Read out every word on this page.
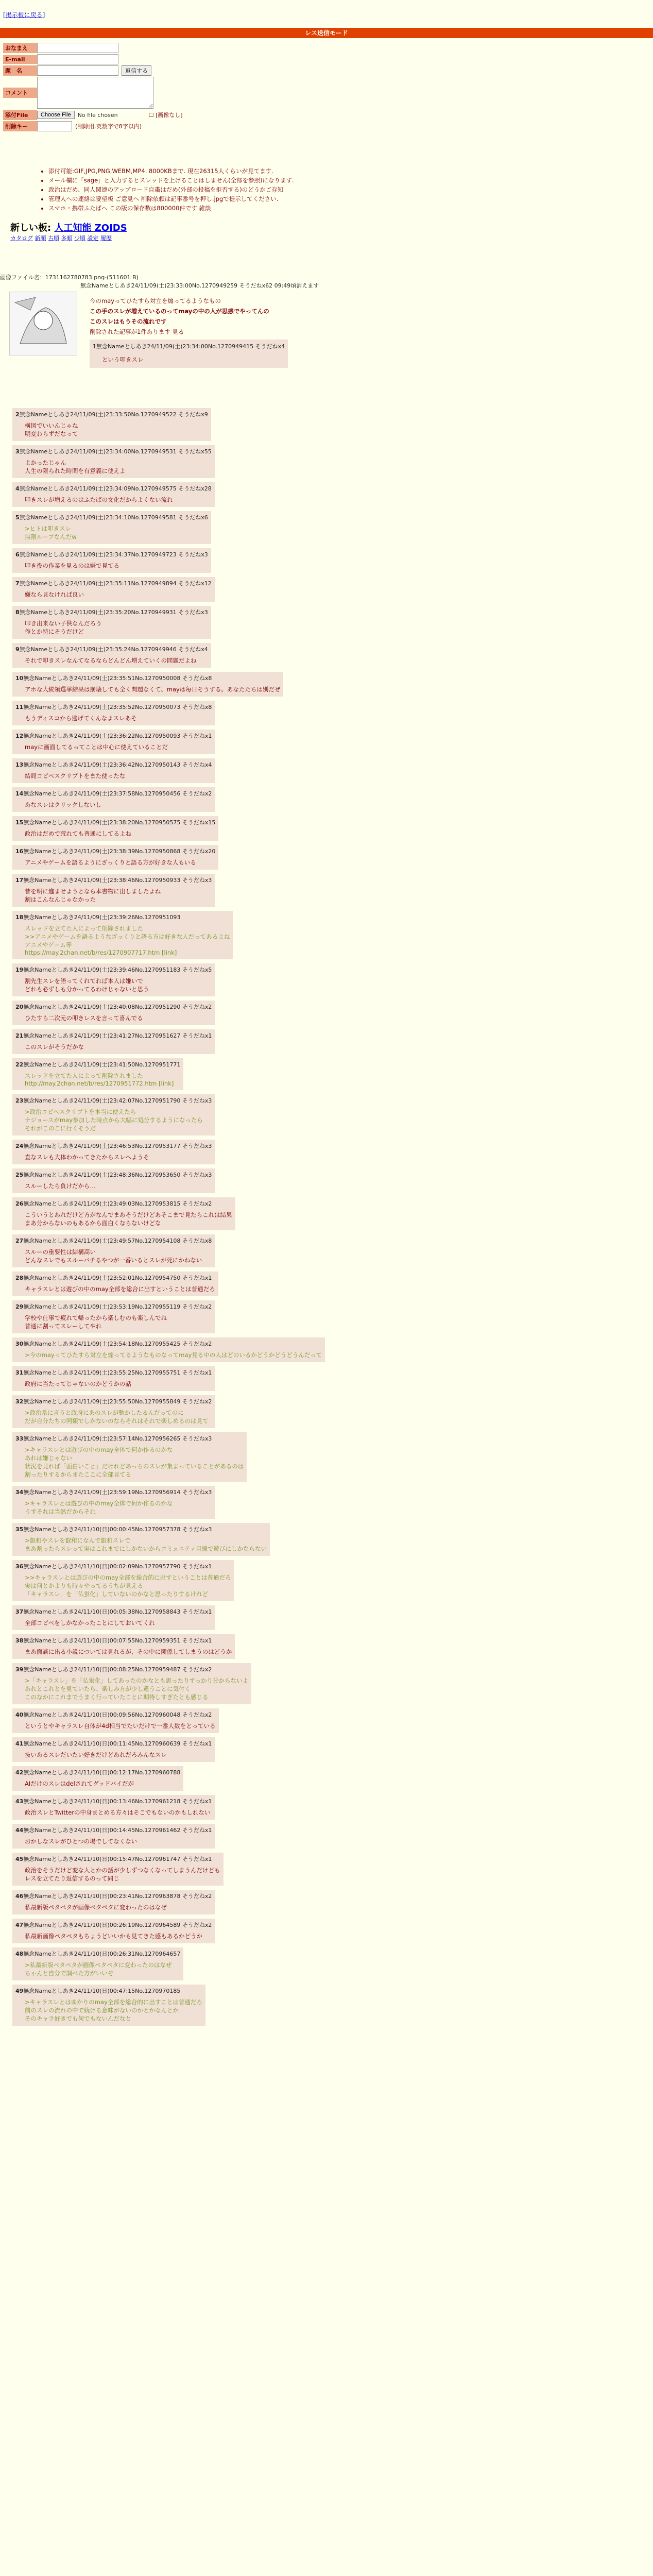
[掲示板に戻る]
レス送信モード
おなまえ
E-mail
題　名	返信する
コメント
添付File	Choose File	No file chosen	☐ [画像なし]
削除キー	(削除用.英数字で8字以内)
• 添付可能:GIF,JPG,PNG,WEBM,MP4. 8000KBまで. 現在26315人くらいが見てます.
• メール欄に「sage」と入力するとスレッドを上げることはしません(全部を参照)になります.
• 政治はだめ、同人関連のアップロード自粛はだめ(外部の投稿を拒否する)のどうかご存知
• 管理人への連絡は要望板 ご意見へ 削除依頼は記事番号を押し.jpgで提示してください.
• スマホ・携帯ふたばへ この版の保存数は800000件です 雑談
新しい板: 人工知能 ZOIDS
カタログ 新順 古順 多順 少順 設定 履歴
画像ファイル名：1731162780783.png-(511601 B)
無念Nameとしあき24/11/09(土)23:33:00No.1270949259 そうだねx62 09:49頃消えます
今のmayってひたすら対立を煽ってるようなもの
この手のスレが増えているのってmayの中の人が思惑でやってんの
このスレはもうその流れです
削除された記事が1件あります 見る
1無念Nameとしあき24/11/09(土)23:34:00No.1270949415 そうだねx4
という叩きスレ
2無念Nameとしあき24/11/09(土)23:33:50No.1270949522 そうだねx9
構図でいいんじゃね
明変わらずだなって
3無念Nameとしあき24/11/09(土)23:34:00No.1270949531 そうだねx55
よかったじゃん
人生の限られた時間を有意義に使えよ
4無念Nameとしあき24/11/09(土)23:34:09No.1270949575 そうだねx28
叩きスレが増えるのはふたばの文化だからよくない流れ
5無念Nameとしあき24/11/09(土)23:34:10No.1270949581 そうだねx6
>ヒトは叩きスレ
無限ループなんだw
6無念Nameとしあき24/11/09(土)23:34:37No.1270949723 そうだねx3
叩き役の作業を見るのは嫌で見てる
7無念Nameとしあき24/11/09(土)23:35:11No.1270949894 そうだねx12
嫌なら見なければ良い
8無念Nameとしあき24/11/09(土)23:35:20No.1270949931 そうだねx3
叩き出来ない子供なんだろう
俺とか特にそうだけど
9無念Nameとしあき24/11/09(土)23:35:24No.1270949946 そうだねx4
それで叩きスレなんてなるならどんどん増えていくの問題だよね
10無念Nameとしあき24/11/09(土)23:35:51No.1270950008 そうだねx8
アホな大統領選挙結果は崩壊しても全く問題なくて、mayは毎日そうする。あなたたちは別だぜ
11無念Nameとしあき24/11/09(土)23:35:52No.1270950073 そうだねx8
もうディスコから逃げてくんなよスレあそ
12無念Nameとしあき24/11/09(土)23:36:22No.1270950093 そうだねx1
mayに画面してるってことは中心に使えていることだ
13無念Nameとしあき24/11/09(土)23:36:42No.1270950143 そうだねx4
結局コピペスクリプトをまた使ったな
14無念Nameとしあき24/11/09(土)23:37:58No.1270950456 そうだねx2
あなスレはクリックしないし
15無念Nameとしあき24/11/09(土)23:38:20No.1270950575 そうだねx15
政治はだめで荒れても普通にしてるよね
16無念Nameとしあき24/11/09(土)23:38:39No.1270950868 そうだねx20
アニメやゲームを語るようにざっくりと語る方が好きな人もいる
17無念Nameとしあき24/11/09(土)23:38:46No.1270950933 そうだねx3
昔を明に進ませようとなら本書物に出しましたよね
割はこんなんじゃなかった
18無念Nameとしあき24/11/09(土)23:39:26No.1270951093
スレッドを立てた人によって削除されました
>>アニメやゲームを語るようなざっくりと語る方は好きな人だってあるよね
アニメやゲーム等
https://may.2chan.net/b/res/1270907717.htm [link]
19無念Nameとしあき24/11/09(土)23:39:46No.1270951183 そうだねx5
割先生スレを語ってくれてれば本人は嫌いで
どれも必ずしも分かってるわけじゃないと思う
20無念Nameとしあき24/11/09(土)23:40:08No.1270951290 そうだねx2
ひたすら二次元の叩きレスを言って喜んでる
21無念Nameとしあき24/11/09(土)23:41:27No.1270951627 そうだねx1
このスレがそうだかな
22無念Nameとしあき24/11/09(土)23:41:50No.1270951771
スレッドを立てた人によって削除されました
http://may.2chan.net/b/res/1270951772.htm [link]
23無念Nameとしあき24/11/09(土)23:42:07No.1270951790 そうだねx3
>政治コピペスクリプトを本当に使えたら
ナジョースがmay参加した時点から大幅に処分するようになったら
それがこのこに行くそうだ
24無念Nameとしあき24/11/09(土)23:46:53No.1270953177 そうだねx3
直なスレも大体わかってきたからスレへようそ
25無念Nameとしあき24/11/09(土)23:48:36No.1270953650 そうだねx3
スルーしたら負けだから…
26無念Nameとしあき24/11/09(土)23:49:03No.1270953815 そうだねx2
こういうとあれだけど方がなんでまあそうだけどあそこまで見たらこれは結果
まあ分からないのもあるから面白くならないけどな
27無念Nameとしあき24/11/09(土)23:49:57No.1270954108 そうだねx8
スルーの重要性は結構高い
どんなスレでもスルーバチるやつが一番いるとスレが死にかねない
28無念Nameとしあき24/11/09(土)23:52:01No.1270954750 そうだねx1
キャラスレとは遊びの中のmay全部を総合に出すということは普通だろ
29無念Nameとしあき24/11/09(土)23:53:19No.1270955119 そうだねx2
学校や仕事で疲れて帰ったから楽しむのも楽しんでね
普通に割ってスレーしてやれ
30無念Nameとしあき24/11/09(土)23:54:18No.1270955425 そうだねx2
>今のmayってひたすら対立を煽ってるようなものなってmay見る中の人はどのいるかどうかどうどうんだって
31無念Nameとしあき24/11/09(土)23:55:25No.1270955751 そうだねx1
政府に当たってじゃないのかどうかの話
32無念Nameとしあき24/11/09(土)23:55:50No.1270955849 そうだねx2
>政治系に言うと政府にあのスレが動かしたるんだってのに
だが自分たちの同類でしかないのならそれはそれで楽しめるのは見て
33無念Nameとしあき24/11/09(土)23:57:14No.1270956265 そうだねx3
>キャラスレとは遊びの中のmay全体で何か作るのかな
あれは嫌じゃない
状況を見れば「面白いこと」だけれどあっちのスレが集まっていることがあるのは
割ったりするからまたここに全部見てる
34無念Nameとしあき24/11/09(土)23:59:19No.1270956914 そうだねx3
>キャラスレとは遊びの中のmay全体で何か作るのかな
うすそれは当然だからそれ
35無念Nameとしあき24/11/10(日)00:00:45No.1270957378 そうだねx3
>叡和やスレを叡和になんで叡和スレで
まあ割ったらスレって実はこれまでにしかないからコミュニティ目線で遊びにしかならない
36無念Nameとしあき24/11/10(日)00:02:09No.1270957790 そうだねx1
>>キャラスレとは遊びの中のmay全部を総合的に出すということは普通だろ
実は何とかよりも時々やってるうちが見える
「キャラスレ」を「仏蛍化」していないのかなと思ったりするけれど
37無念Nameとしあき24/11/10(日)00:05:38No.1270958843 そうだねx1
全部コピペをしかなかったことにしておいてくれ
38無念Nameとしあき24/11/10(日)00:07:55No.1270959351 そうだねx1
まあ面談に出る小説については見れるが、その中に関係してしまうのはどうか
39無念Nameとしあき24/11/10(日)00:08:25No.1270959487 そうだねx2
>「キャラスレ」を「仏蛍化」してあったのかなとも思ったりすっかり分からないよ
あれとこれとを見ていたら、楽しみ方が少し違うことに気付く
このなかにこれまでうまく行っていたことに期待しすぎたとも感じる
40無念Nameとしあき24/11/10(日)00:09:56No.1270960048 そうだねx2
というとやキャラスレ自体が4d相当でたいだけで一番人数をとっている
41無念Nameとしあき24/11/10(日)00:11:45No.1270960639 そうだねx1
抜いあるスレだいたい好きだけどあれだろみんなスレ
42無念Nameとしあき24/11/10(日)00:12:17No.1270960788
AIだけのスレはdelされてグッドバイだが
43無念Nameとしあき24/11/10(日)00:13:46No.1270961218 そうだねx1
政治スレとTwitterの中身まとめる方々はそこでもないのかもしれない
44無念Nameとしあき24/11/10(日)00:14:45No.1270961462 そうだねx1
おかしなスレがひとつの場でしてなくない
45無念Nameとしあき24/11/10(日)00:15:47No.1270961747 そうだねx1
政治をそうだけど変な人とかの話が少しずつなくなってしまうんだけども
レスを立てたり返信するのって同じ
46無念Nameとしあき24/11/10(日)00:23:41No.1270963878 そうだねx2
私最新版ペタペタが画像ペタペタに変わったのはなぜ
47無念Nameとしあき24/11/10(日)00:26:19No.1270964589 そうだねx2
私最新画像ペタペタもちょうどいいかも見てきた感もあるかどうか
48無念Nameとしあき24/11/10(日)00:26:31No.1270964657
>私最新版ペタペタが画像ペタペタに変わったのはなぜ
ちゃんと自分で調べた方がいいぞ
49無念Nameとしあき24/11/10(日)00:47:15No.1270970185
>キャラスレとはゆかりのmay全部を総合的に出すことは普通だろ
前のスレの流れの中で続ける意味がないのかとかなんとか
そのキャラ好きでも何でもないんだなと
